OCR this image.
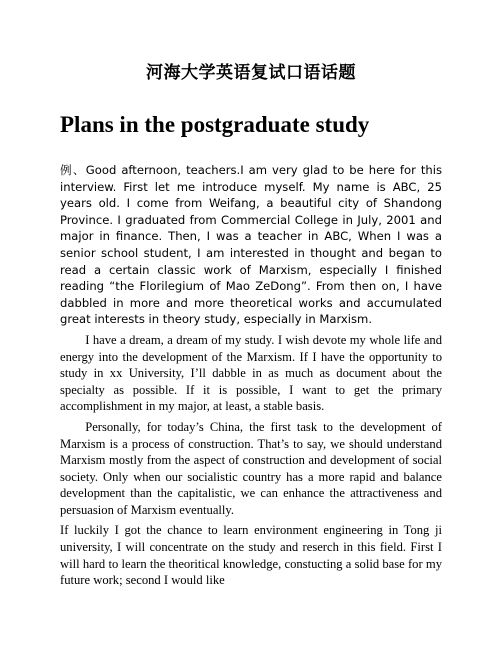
河海大学英语复试口语话题
Plans in the postgraduate study

例、Good afternoon, teachers.I am very glad to be here for this interview. First let me introduce myself. My name is ABC, 25 years old. I come from Weifang, a beautiful city of Shandong Province. I graduated from Commercial College in July, 2001 and major in finance. Then, I was a teacher in ABC, When I was a senior school student, I am interested in thought and began to read a certain classic work of Marxism, especially I finished reading “the Florilegium of Mao ZeDong”. From then on, I have dabbled in more and more theoretical works and accumulated great interests in theory study, especially in Marxism.

I have a dream, a dream of my study. I wish devote my whole life and energy into the development of the Marxism. If I have the opportunity to study in xx University, I’ll dabble in as much as document about the specialty as possible. If it is possible, I want to get the primary accomplishment in my major, at least, a stable basis.

Personally, for today’s China, the first task to the development of Marxism is a process of construction. That’s to say, we should understand Marxism mostly from the aspect of construction and development of social society. Only when our socialistic country has a more rapid and balance development than the capitalistic, we can enhance the attractiveness and persuasion of Marxism eventually.

If luckily I got the chance to learn environment engineering in Tong ji university, I will concentrate on the study and reserch in this field. First I will hard to learn the theoritical knowledge, constucting a solid base for my future work; second I would like
